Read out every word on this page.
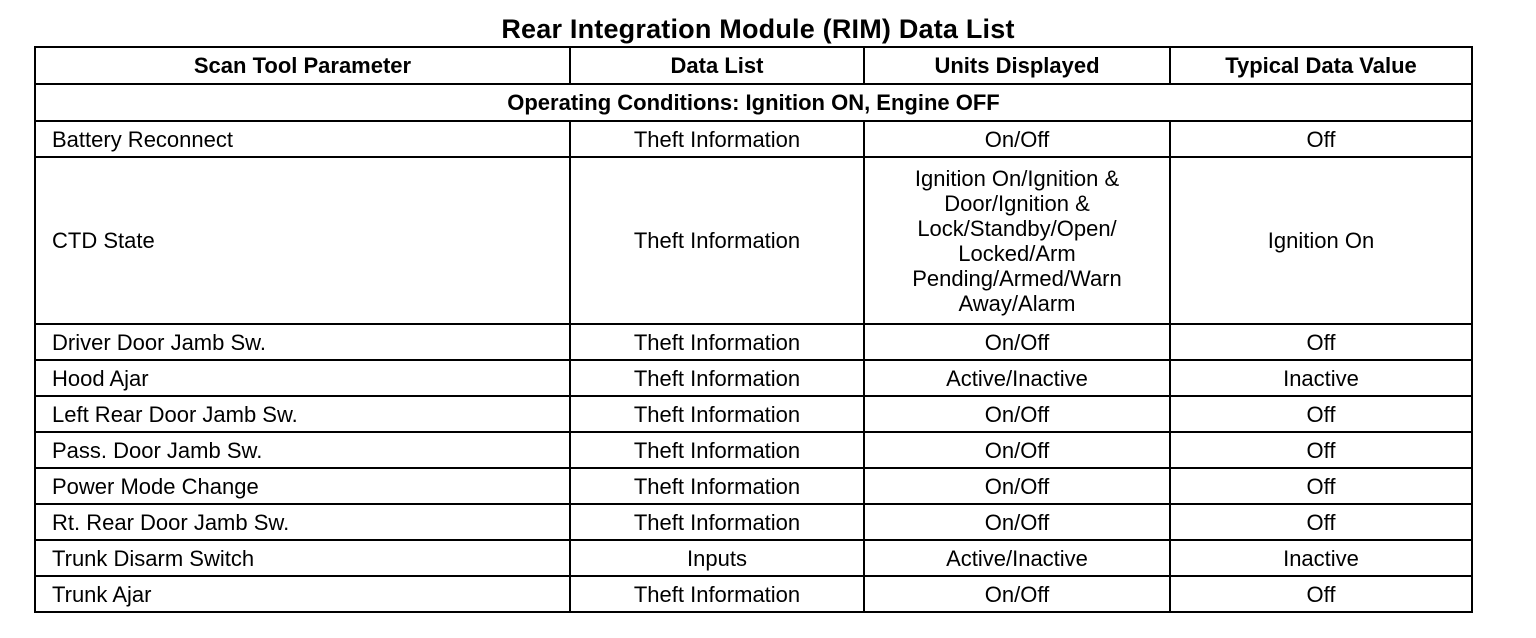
Rear Integration Module (RIM) Data List
Scan Tool Parameter	Data List	Units Displayed	Typical Data Value
Operating Conditions: Ignition ON, Engine OFF			
Battery Reconnect	Theft Information	On/Off	Off
CTD State	Theft Information	Ignition On/Ignition & Door/Ignition & Lock/Standby/Open/ Locked/Arm Pending/Armed/Warn Away/Alarm	Ignition On
Driver Door Jamb Sw.	Theft Information	On/Off	Off
Hood Ajar	Theft Information	Active/Inactive	Inactive
Left Rear Door Jamb Sw.	Theft Information	On/Off	Off
Pass. Door Jamb Sw.	Theft Information	On/Off	Off
Power Mode Change	Theft Information	On/Off	Off
Rt. Rear Door Jamb Sw.	Theft Information	On/Off	Off
Trunk Disarm Switch	Inputs	Active/Inactive	Inactive
Trunk Ajar	Theft Information	On/Off	Off
